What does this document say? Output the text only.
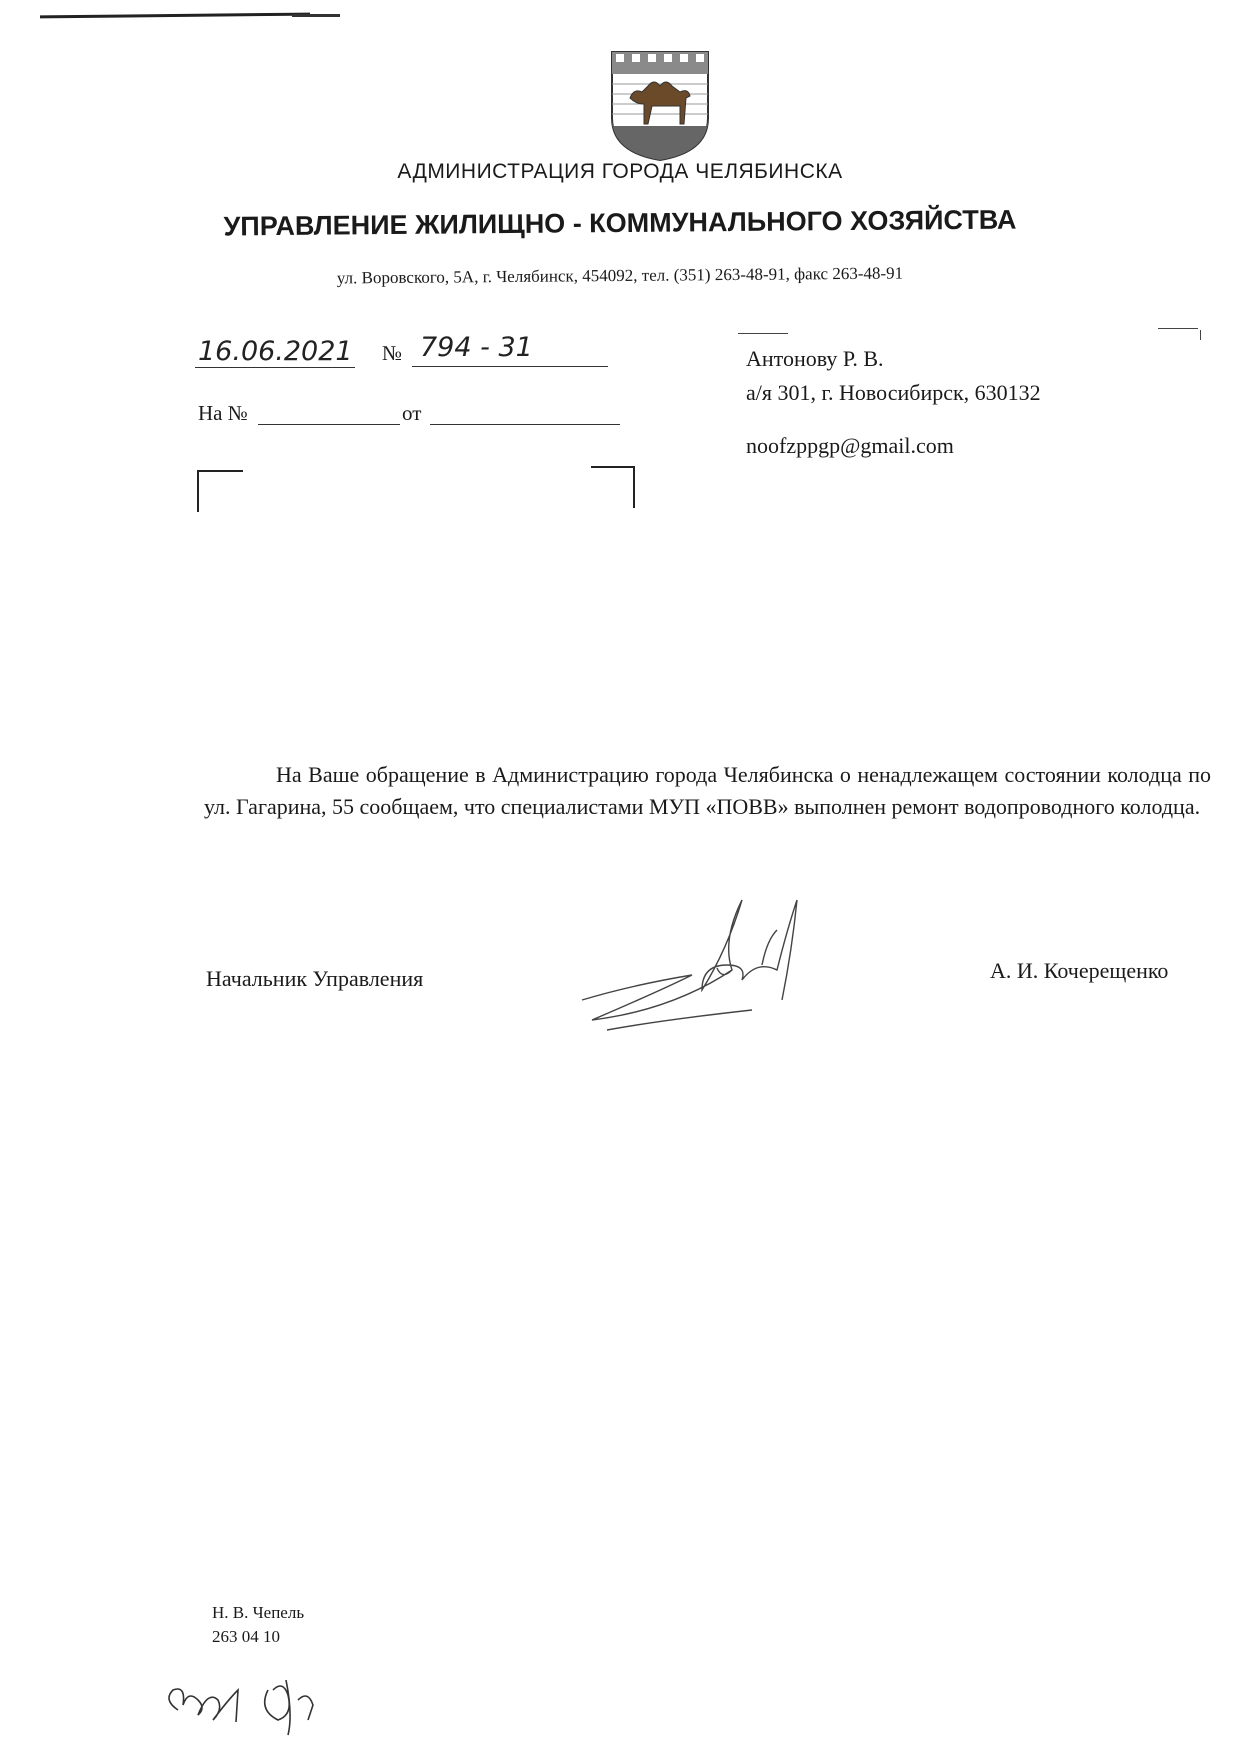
АДМИНИСТРАЦИЯ ГОРОДА ЧЕЛЯБИНСКА
УПРАВЛЕНИЕ ЖИЛИЩНО - КОММУНАЛЬНОГО ХОЗЯЙСТВА
ул. Воровского, 5А, г. Челябинск, 454092, тел. (351) 263-48-91, факс 263-48-91
16.06.2021 № 794 - 31
На №	от
Антонову Р. В.
а/я 301, г. Новосибирск, 630132
noofzppgp@gmail.com
На Ваше обращение в Администрацию города Челябинска о ненадлежащем состоянии колодца по ул. Гагарина, 55 сообщаем, что специалистами МУП «ПОВВ» выполнен ремонт водопроводного колодца.
Начальник Управления	А. И. Кочерещенко
Н. В. Чепель
263 04 10
